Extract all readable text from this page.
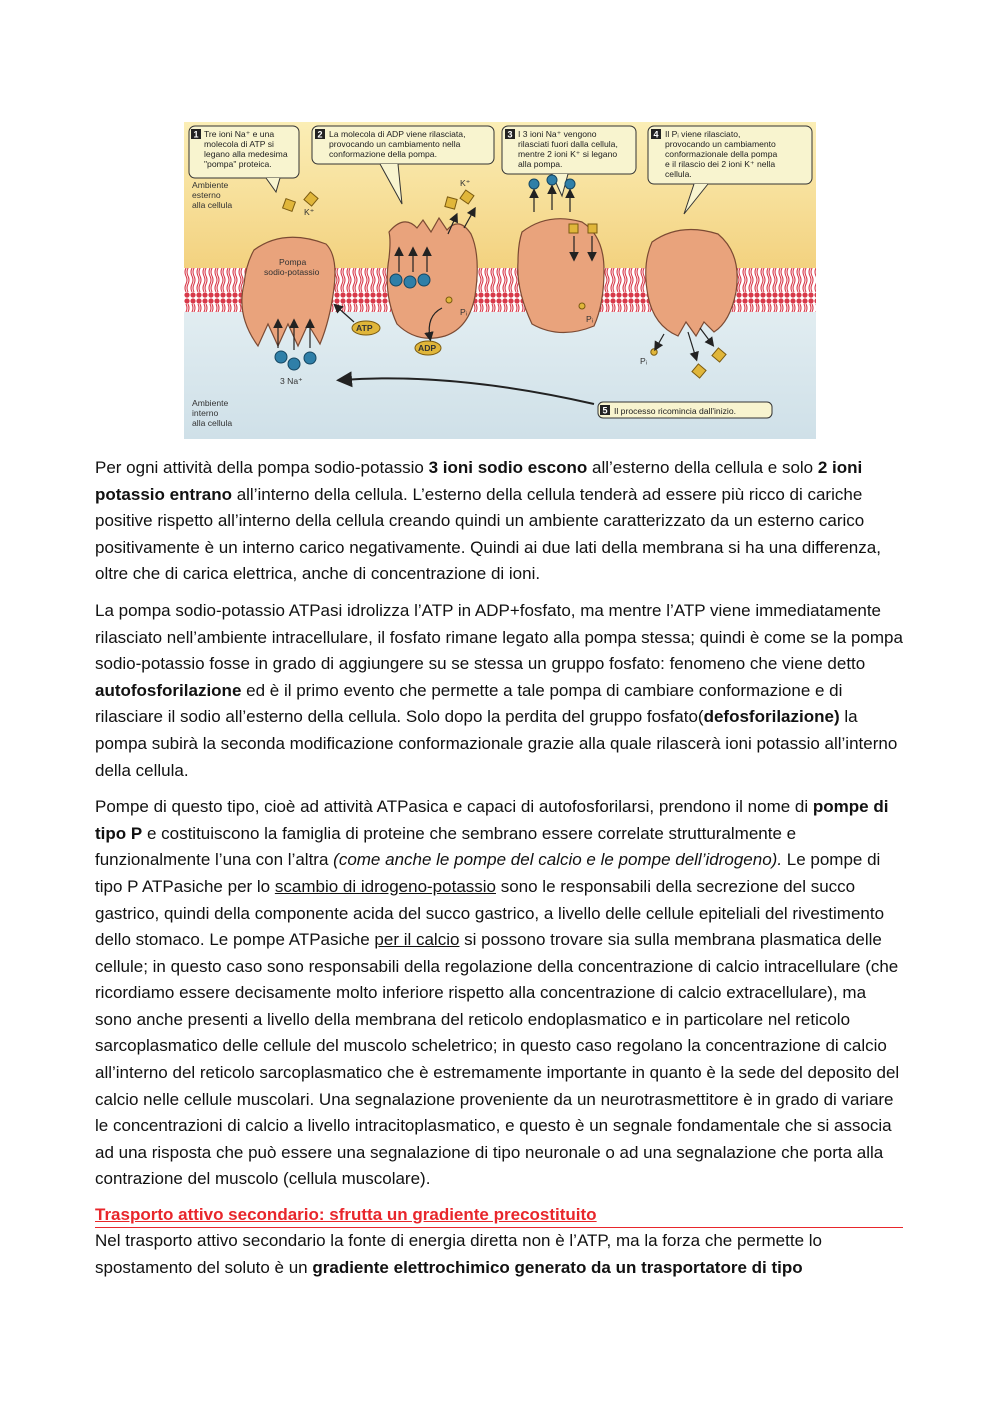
1 Tre ioni Na⁺ e una
molecola di ATP si
legano alla medesima
"pompa" proteica.
2 La molecola di ADP viene rilasciata,
provocando un cambiamento nella
conformazione della pompa.
3 I 3 ioni Na⁺ vengono
rilasciati fuori dalla cellula,
mentre 2 ioni K⁺ si legano
alla pompa.
4 Il Pᵢ viene rilasciato,
provocando un cambiamento
conformazionale della pompa
e il rilascio dei 2 ioni K⁺ nella
cellula.
5 Il processo ricomincia dall'inizio.
Ambiente
esterno
alla cellula
Ambiente
interno
alla cellula
Pompa
sodio-potassio
K⁺
K⁺
3 Na⁺
ATP
ADP
Pᵢ
Pᵢ
Pᵢ

Per ogni attività della pompa sodio-potassio 3 ioni sodio escono all’esterno della cellula e solo 2 ioni potassio entrano all’interno della cellula. L’esterno della cellula tenderà ad essere più ricco di cariche positive rispetto all’interno della cellula creando quindi un ambiente caratterizzato da un esterno carico positivamente è un interno carico negativamente. Quindi ai due lati della membrana si ha una differenza, oltre che di carica elettrica, anche di concentrazione di ioni.

La pompa sodio-potassio ATPasi idrolizza l’ATP in ADP+fosfato, ma mentre l’ATP viene immediatamente rilasciato nell’ambiente intracellulare, il fosfato rimane legato alla pompa stessa; quindi è come se la pompa sodio-potassio fosse in grado di aggiungere su se stessa un gruppo fosfato: fenomeno che viene detto autofosforilazione ed è il primo evento che permette a tale pompa di cambiare conformazione e di rilasciare il sodio all’esterno della cellula. Solo dopo la perdita del gruppo fosfato(defosforilazione) la pompa subirà la seconda modificazione conformazionale grazie alla quale rilascerà ioni potassio all’interno della cellula.

Pompe di questo tipo, cioè ad attività ATPasica e capaci di autofosforilarsi, prendono il nome di pompe di tipo P e costituiscono la famiglia di proteine che sembrano essere correlate strutturalmente e funzionalmente l’una con l’altra (come anche le pompe del calcio e le pompe dell’idrogeno). Le pompe di tipo P ATPasiche per lo scambio di idrogeno-potassio sono le responsabili della secrezione del succo gastrico, quindi della componente acida del succo gastrico, a livello delle cellule epiteliali del rivestimento dello stomaco. Le pompe ATPasiche per il calcio si possono trovare sia sulla membrana plasmatica delle cellule; in questo caso sono responsabili della regolazione della concentrazione di calcio intracellulare (che ricordiamo essere decisamente molto inferiore rispetto alla concentrazione di calcio extracellulare), ma sono anche presenti a livello della membrana del reticolo endoplasmatico e in particolare nel reticolo sarcoplasmatico delle cellule del muscolo scheletrico; in questo caso regolano la concentrazione di calcio all’interno del reticolo sarcoplasmatico che è estremamente importante in quanto è la sede del deposito del calcio nelle cellule muscolari. Una segnalazione proveniente da un neurotrasmettitore è in grado di variare le concentrazioni di calcio a livello intracitoplasmatico, e questo è un segnale fondamentale che si associa ad una risposta che può essere una segnalazione di tipo neuronale o ad una segnalazione che porta alla contrazione del muscolo (cellula muscolare).

Trasporto attivo secondario: sfrutta un gradiente precostituito

Nel trasporto attivo secondario la fonte di energia diretta non è l’ATP, ma la forza che permette lo spostamento del soluto è un gradiente elettrochimico generato da un trasportatore di tipo
